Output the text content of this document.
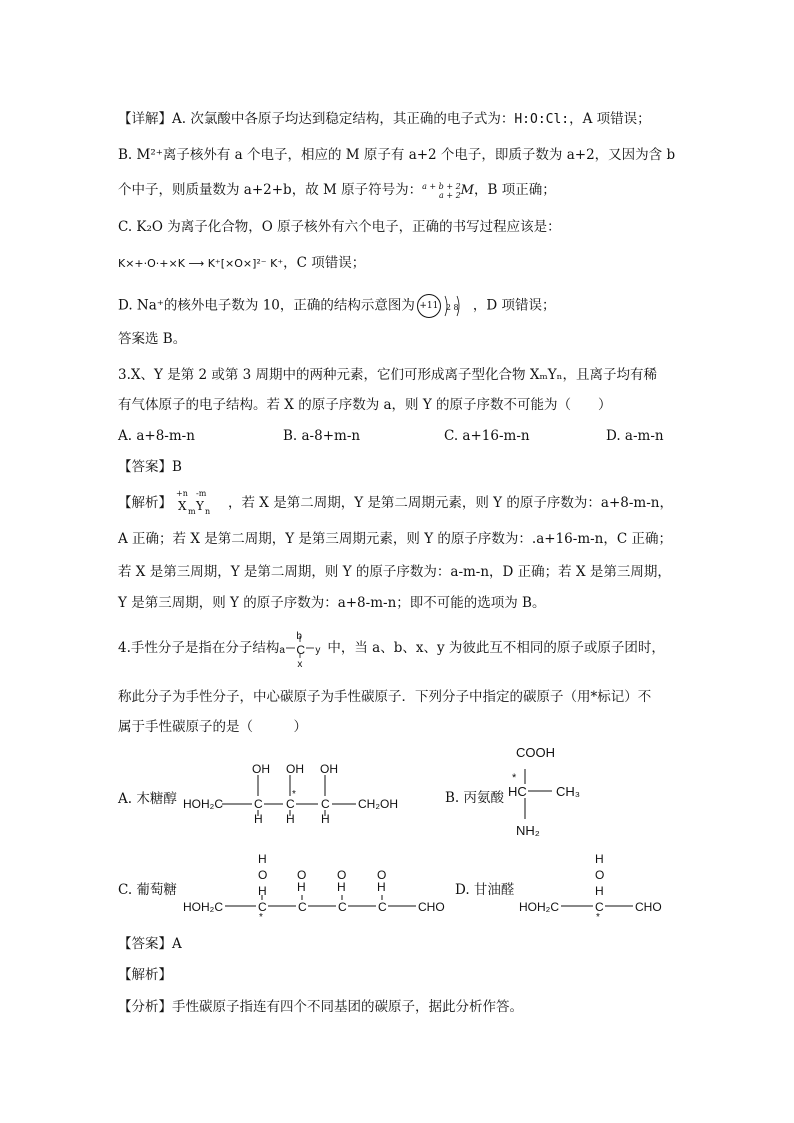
【详解】A. 次氯酸中各原子均达到稳定结构，其正确的电子式为：H:O:Cl:，A 项错误；
B. M²⁺离子核外有 a 个电子，相应的 M 原子有 a+2 个电子，即质子数为 a+2，又因为含 b
个中子，则质量数为 a+2+b，故 M 原子符号为：a + b + 2
a + 2M，B 项正确；
C. K₂O 为离子化合物，O 原子核外有六个电子，正确的书写过程应该是：
K×+·O·+×K ⟶ K⁺[×O×]²⁻ K⁺，C 项错误；
D. Na⁺的核外电子数为 10，正确的结构示意图为 +11 2 8 ，D 项错误；
答案选 B。
3.X、Y 是第 2 或第 3 周期中的两种元素，它们可形成离子型化合物 XₘYₙ，且离子均有稀
有气体原子的电子结构。若 X 的原子序数为 a，则 Y 的原子序数不可能为（　　）
A. a+8-m-n	B. a-8+m-n	C. a+16-m-n	D. a-m-n
【答案】B
【解析】
+n -m
X m Y n ，若 X 是第二周期，Y 是第二周期元素，则 Y 的原子序数为：a+8-m-n，
A 正确；若 X 是第二周期，Y 是第三周期元素，则 Y 的原子序数为：.a+16-m-n，C 正确；
若 X 是第三周期，Y 是第二周期，则 Y 的原子序数为：a-m-n，D 正确；若 X 是第三周期，
Y 是第三周期，则 Y 的原子序数为：a+8-m-n；即不可能的选项为 B。
4.手性分子是指在分子结构
b
a C y
x
中，当 a、b、x、y 为彼此互不相同的原子或原子团时，
称此分子为手性分子，中心碳原子为手性碳原子．下列分子中指定的碳原子（用*标记）不
属于手性碳原子的是（　　　）
A. 木糖醇 HOH₂C
OH OH OH
C C
*
C CH₂OH
H H H
B. 丙氨酸
COOH
*
HC CH₃
NH₂
C. 葡萄糖
HOH₂C
H
O
H
C
*
O
H
C
O
H
C
O
H
C	CHO
D. 甘油醛
HOH₂C
H
O
H
C
*
CHO
【答案】A
【解析】
【分析】手性碳原子指连有四个不同基团的碳原子，据此分析作答。
